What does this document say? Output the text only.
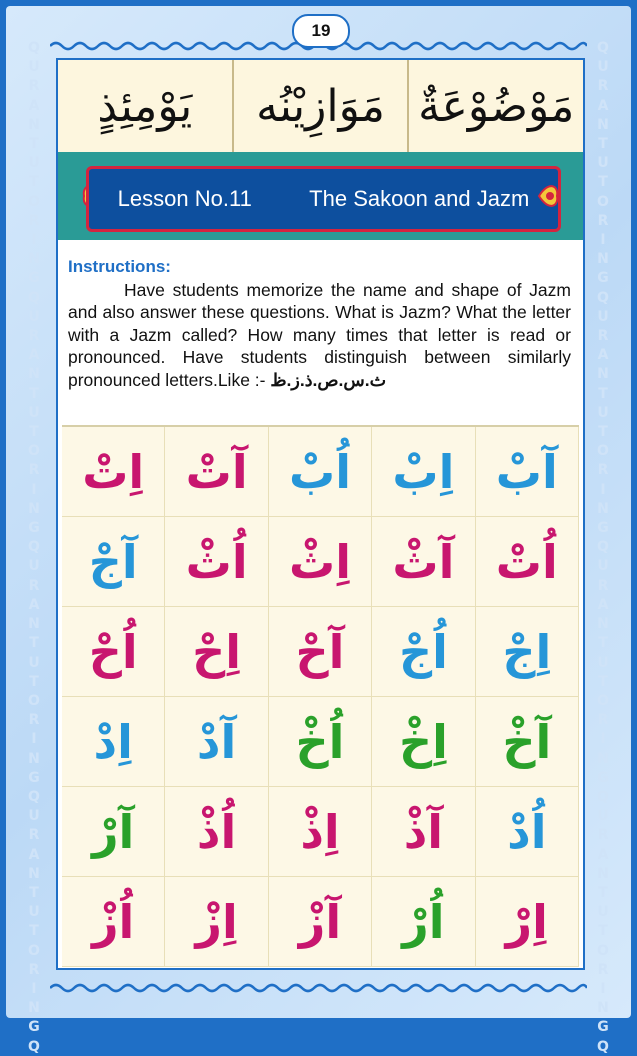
Q
U
R
A
N
T
U
T
O
R
I
N
G
Q
U
R
A
N
T
U
T
O
R
I
N
G
Q
U
R
A
N
T
U
T
O
R
I
N
G
Q
U
R
A
N
T
U
T
O
R
I
N
G
Q
Q
U
R
A
N
T
U
T
O
R
I
N
G
Q
U
R
A
N
T
U
T
O
R
I
N
G
Q
U
R
A
N
T
U
T
O
R
I
N
G
Q
U
R
A
N
T
U
T
O
R
I
N
G
Q
19
يَوْمِئِذٍ	مَوَازِيْنُه مَوْضُوْعَةٌ
Lesson No.11	The Sakoon and Jazm
Instructions:
Have students memorize the name and shape of Jazm and also answer these questions. What is Jazm? What the letter with a Jazm called? How many times that letter is read or pronounced. Have students distinguish between similarly pronounced letters.Like :- ث.س.ص.ذ.ز.ظ
اِتْ آتْ اُبْ اِبْ آبْ
آجْ	اُثْ اِثْ آثْ اُتْ
اُحْ	اِحْ	آحْ	اُجْ	اِجْ
اِدْ	آدْ	اُخْ	اِخْ	آخْ
آرْ	اُذْ	اِذْ	آذْ	اُدْ
اُزْ	اِزْ	آزْ	اُرْ	اِرْ
